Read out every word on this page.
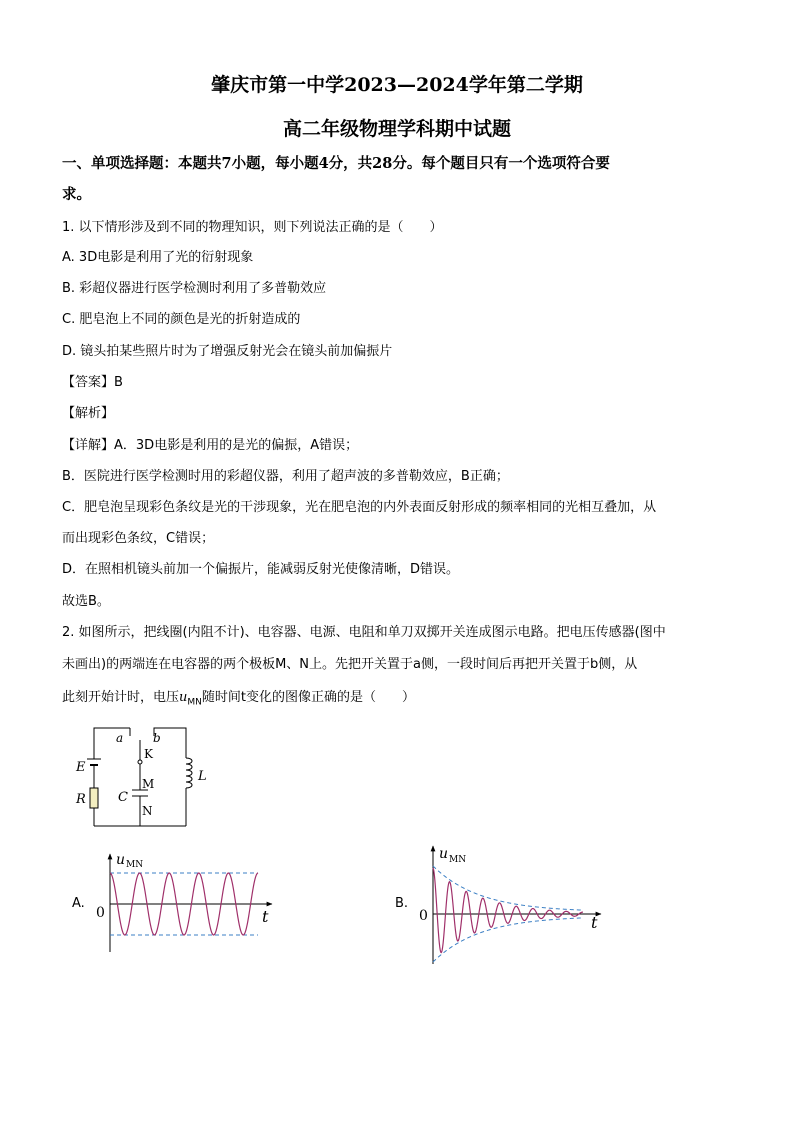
肇庆市第一中学2023—2024学年第二学期
高二年级物理学科期中试题
一、单项选择题：本题共7小题，每小题4分，共28分。每个题目只有一个选项符合要
求。
1. 以下情形涉及到不同的物理知识，则下列说法正确的是（　　）
A. 3D电影是利用了光的衍射现象
B. 彩超仪器进行医学检测时利用了多普勒效应
C. 肥皂泡上不同的颜色是光的折射造成的
D. 镜头拍某些照片时为了增强反射光会在镜头前加偏振片
【答案】B
【解析】
【详解】A．3D电影是利用的是光的偏振，A错误；
B．医院进行医学检测时用的彩超仪器，利用了超声波的多普勒效应，B正确；
C．肥皂泡呈现彩色条纹是光的干涉现象，光在肥皂泡的内外表面反射形成的频率相同的光相互叠加，从
而出现彩色条纹，C错误；
D．在照相机镜头前加一个偏振片，能减弱反射光使像清晰，D错误。
故选B。
2. 如图所示，把线圈(内阻不计)、电容器、电源、电阻和单刀双掷开关连成图示电路。把电压传感器(图中
未画出)的两端连在电容器的两个极板M、N上。先把开关置于a侧，一段时间后再把开关置于b侧，从
此刻开始计时，电压$u_{MN}$随时间t变化的图像正确的是（　　）
E
R C
M
N
K
a b
L
A.
u MN
0	t
B.
u MN
0	t
